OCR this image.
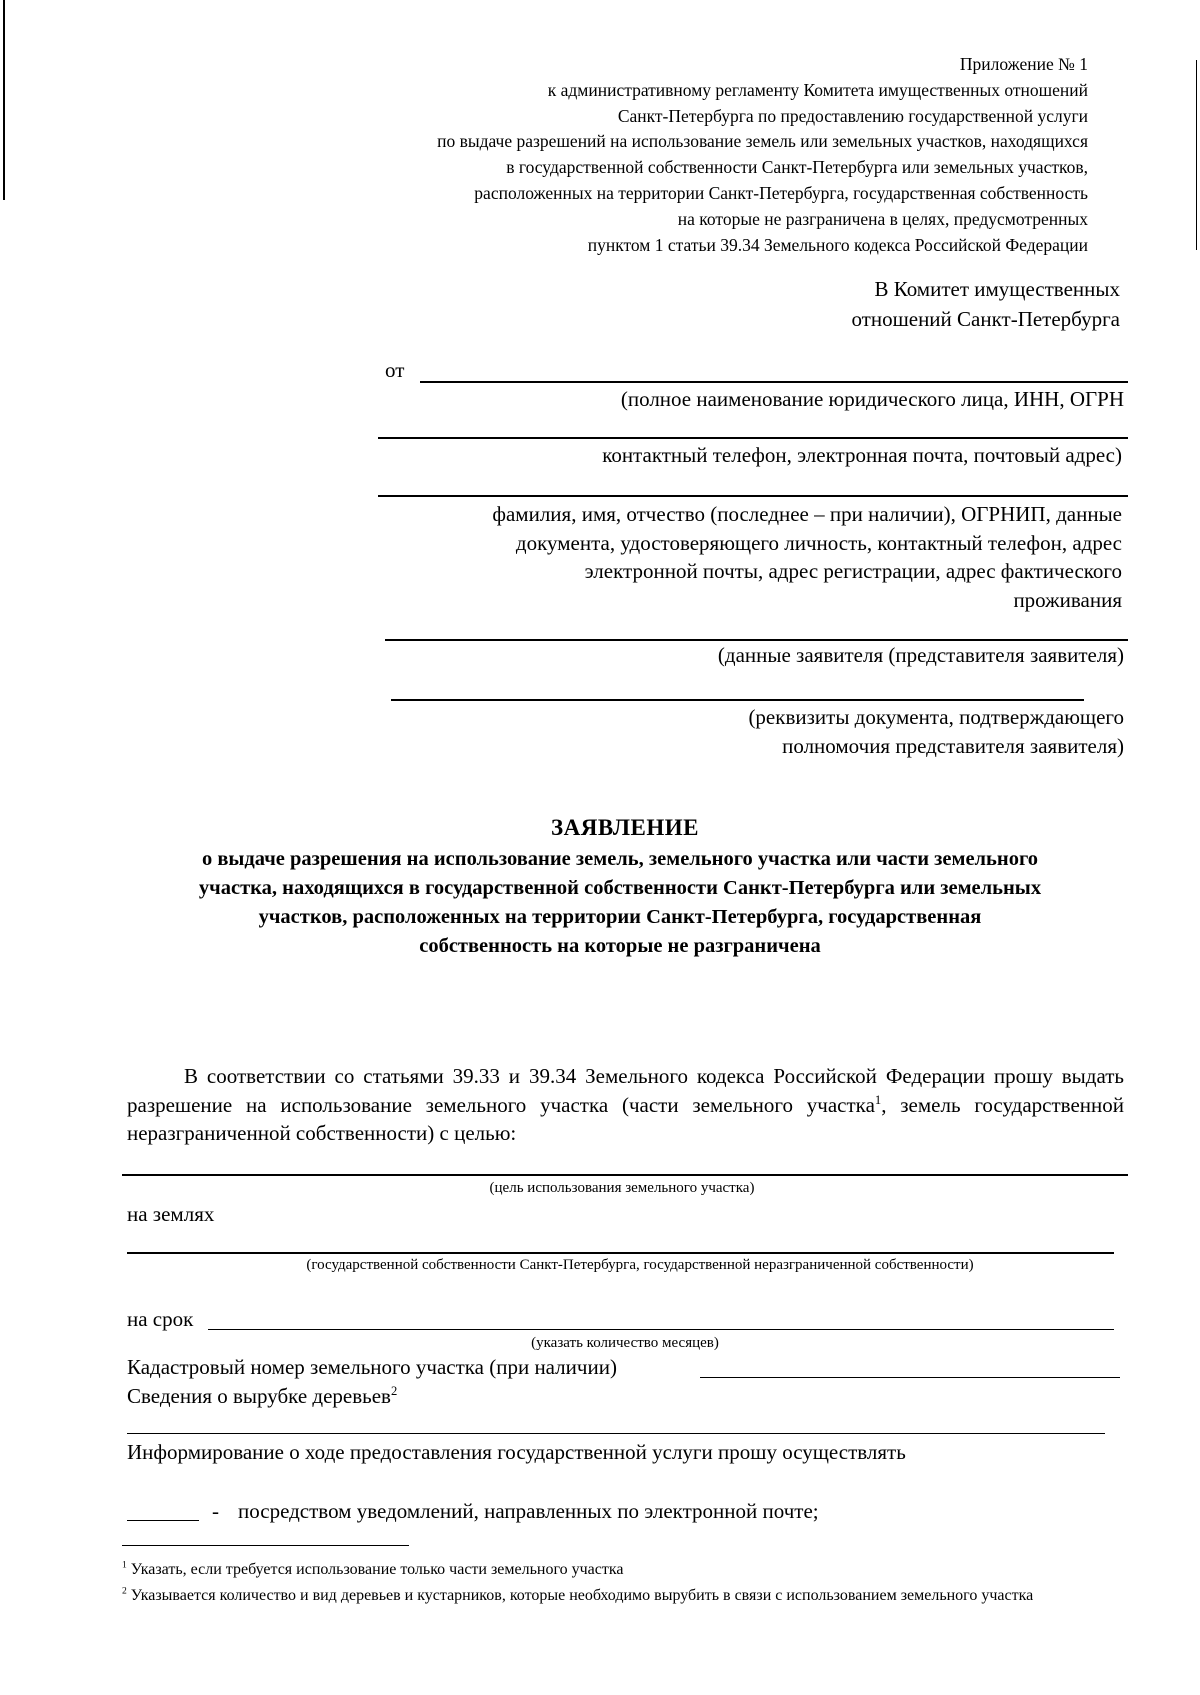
Приложение № 1
к административному регламенту Комитета имущественных отношений
Санкт-Петербурга по предоставлению государственной услуги
по выдаче разрешений на использование земель или земельных участков, находящихся
в государственной собственности Санкт-Петербурга или земельных участков,
расположенных на территории Санкт-Петербурга, государственная собственность
на которые не разграничена в целях, предусмотренных
пунктом 1 статьи 39.34 Земельного кодекса Российской Федерации
В Комитет имущественных
отношений Санкт-Петербурга
от
(полное наименование юридического лица, ИНН, ОГРН
контактный телефон, электронная почта, почтовый адрес)
фамилия, имя, отчество (последнее – при наличии), ОГРНИП, данные
документа, удостоверяющего личность, контактный телефон, адрес
электронной почты, адрес регистрации, адрес фактического
проживания
(данные заявителя (представителя заявителя)
(реквизиты документа, подтверждающего
полномочия представителя заявителя)
ЗАЯВЛЕНИЕ
о выдаче разрешения на использование земель, земельного участка или части земельного
участка, находящихся в государственной собственности Санкт-Петербурга или земельных
участков, расположенных на территории Санкт-Петербурга, государственная
собственность на которые не разграничена

В соответствии со статьями 39.33 и 39.34 Земельного кодекса Российской Федерации прошу выдать разрешение на использование земельного участка (части земельного участка$^1$, земель государственной неразграниченной собственности) с целью:

(цель использования земельного участка)
на землях
(государственной собственности Санкт-Петербурга, государственной неразграниченной собственности)
на срок
(указать количество месяцев)
Кадастровый номер земельного участка (при наличии)
Сведения о вырубке деревьев$^2$
Информирование о ходе предоставления государственной услуги прошу осуществлять
- посредством уведомлений, направленных по электронной почте;
$^1$ Указать, если требуется использование только части земельного участка
$^2$ Указывается количество и вид деревьев и кустарников, которые необходимо вырубить в связи с использованием земельного участка
